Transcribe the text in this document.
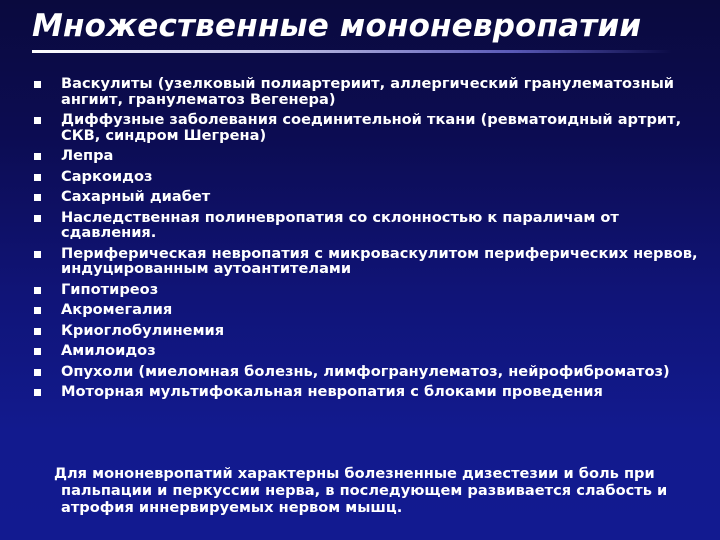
Множественные мононевропатии
Васкулиты (узелковый полиартериит, аллергический гранулематозный ангиит, гранулематоз Вегенера)
Диффузные заболевания соединительной ткани (ревматоидный артрит, СКВ, синдром Шегрена)
Лепра
Саркоидоз
Сахарный диабет
Наследственная полиневропатия со склонностью к параличам от сдавления.
Периферическая невропатия с микроваскулитом периферических нервов, индуцированным аутоантителами
Гипотиреоз
Акромегалия
Криоглобулинемия
Амилоидоз
Опухоли (миеломная болезнь, лимфогранулематоз, нейрофиброматоз)
Моторная мультифокальная невропатия с блоками проведения
Для мононевропатий характерны болезненные дизестезии и боль при пальпации и перкуссии нерва, в последующем развивается слабость и атрофия иннервируемых нервом мышц.
